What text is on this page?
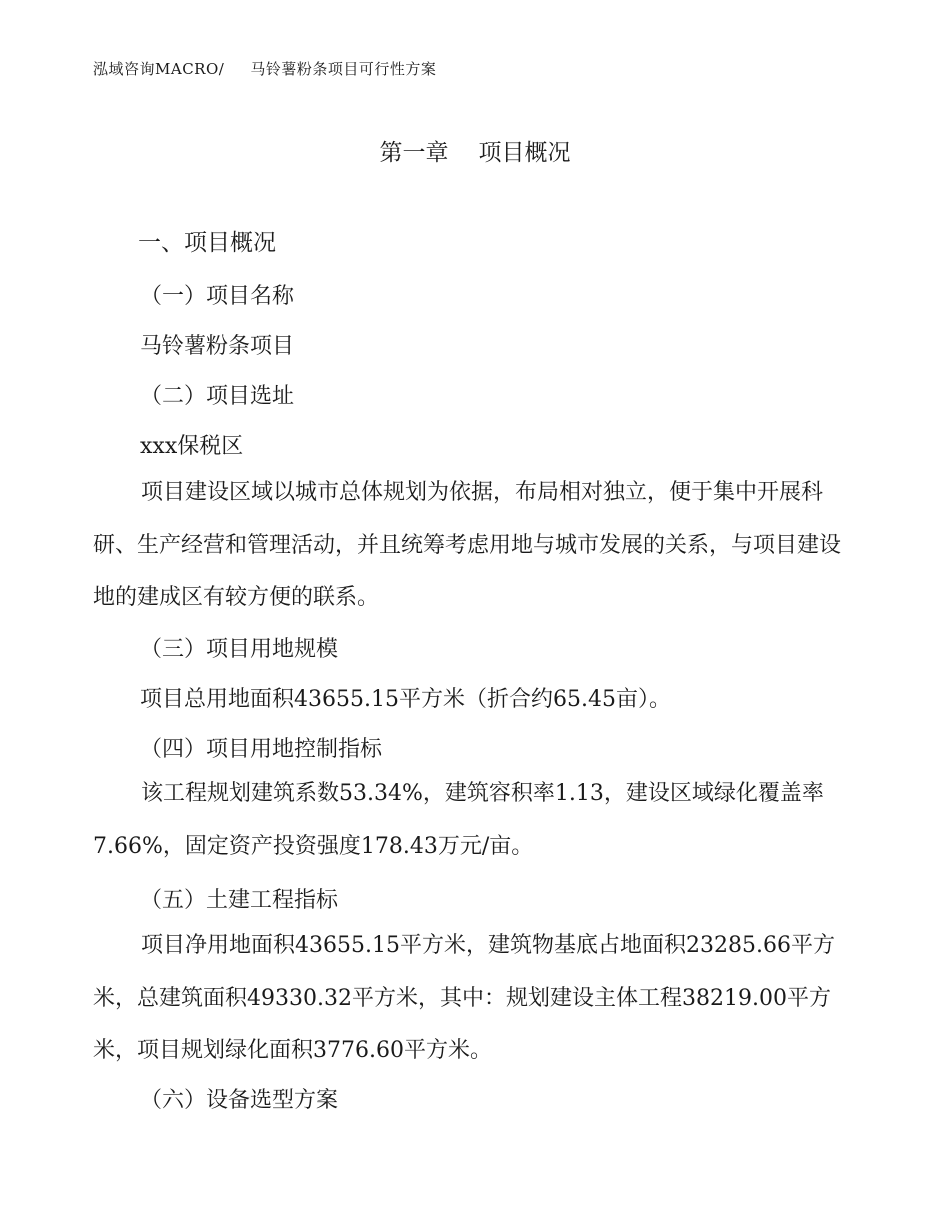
泓域咨询MACRO/ 马铃薯粉条项目可行性方案
第一章 项目概况
一、项目概况
（一）项目名称
马铃薯粉条项目
（二）项目选址
xxx保税区
项目建设区域以城市总体规划为依据，布局相对独立，便于集中开展科研、生产经营和管理活动，并且统筹考虑用地与城市发展的关系，与项目建设地的建成区有较方便的联系。
（三）项目用地规模
项目总用地面积43655.15平方米（折合约65.45亩）。
（四）项目用地控制指标
该工程规划建筑系数53.34%，建筑容积率1.13，建设区域绿化覆盖率7.66%，固定资产投资强度178.43万元/亩。
（五）土建工程指标
项目净用地面积43655.15平方米，建筑物基底占地面积23285.66平方米，总建筑面积49330.32平方米，其中：规划建设主体工程38219.00平方米，项目规划绿化面积3776.60平方米。
（六）设备选型方案
